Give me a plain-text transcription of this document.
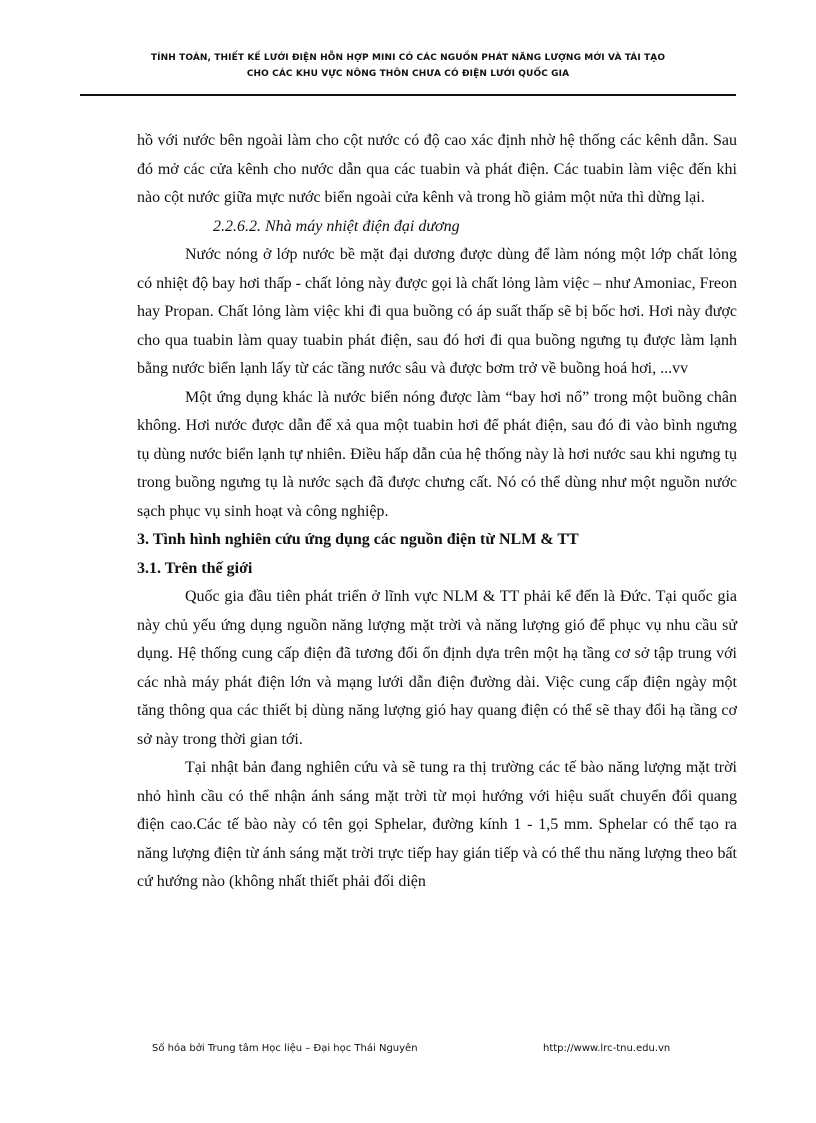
TÍNH TOÁN, THIẾT KẾ LƯỚI ĐIỆN HỖN HỢP MINI CÓ CÁC NGUỒN PHÁT NĂNG LƯỢNG MỚI VÀ TÁI TẠO
CHO CÁC KHU VỰC NÔNG THÔN CHƯA CÓ ĐIỆN LƯỚI QUỐC GIA

hồ với nước bên ngoài làm cho cột nước có độ cao xác định nhờ hệ thống các kênh dẫn. Sau đó mở các cửa kênh cho nước dẫn qua các tuabin và phát điện. Các tuabin làm việc đến khi nào cột nước giữa mực nước biển ngoài cửa kênh và trong hồ giảm một nửa thì dừng lại.

2.2.6.2. Nhà máy nhiệt điện đại dương

Nước nóng ở lớp nước bề mặt đại dương được dùng để làm nóng một lớp chất lỏng có nhiệt độ bay hơi thấp - chất lỏng này được gọi là chất lỏng làm việc – như Amoniac, Freon hay Propan. Chất lỏng làm việc khi đi qua buồng có áp suất thấp sẽ bị bốc hơi. Hơi này được cho qua tuabin làm quay tuabin phát điện, sau đó hơi đi qua buồng ngưng tụ được làm lạnh bằng nước biển lạnh lấy từ các tầng nước sâu và được bơm trở về buồng hoá hơi, ...vv

Một ứng dụng khác là nước biển nóng được làm “bay hơi nổ” trong một buồng chân không. Hơi nước được dẫn để xả qua một tuabin hơi để phát điện, sau đó đi vào bình ngưng tụ dùng nước biển lạnh tự nhiên. Điều hấp dẫn của hệ thống này là hơi nước sau khi ngưng tụ trong buồng ngưng tụ là nước sạch đã được chưng cất. Nó có thể dùng như một nguồn nước sạch phục vụ sinh hoạt và công nghiệp.

3. Tình hình nghiên cứu ứng dụng các nguồn điện từ NLM & TT

3.1. Trên thế giới

Quốc gia đầu tiên phát triển ở lĩnh vực NLM & TT phải kể đến là Đức. Tại quốc gia này chủ yếu ứng dụng nguồn năng lượng mặt trời và năng lượng gió để phục vụ nhu cầu sử dụng. Hệ thống cung cấp điện đã tương đối ổn định dựa trên một hạ tầng cơ sở tập trung với các nhà máy phát điện lớn và mạng lưới dẫn điện đường dài. Việc cung cấp điện ngày một tăng thông qua các thiết bị dùng năng lượng gió hay quang điện có thể sẽ thay đổi hạ tầng cơ sở này trong thời gian tới.

Tại nhật bản đang nghiên cứu và sẽ tung ra thị trường các tế bào năng lượng mặt trời nhỏ hình cầu có thể nhận ánh sáng mặt trời từ mọi hướng với hiệu suất chuyển đổi quang điện cao.Các tế bào này có tên gọi Sphelar, đường kính 1 - 1,5 mm. Sphelar có thể tạo ra năng lượng điện từ ánh sáng mặt trời trực tiếp hay gián tiếp và có thể thu năng lượng theo bất cứ hướng nào (không nhất thiết phải đối diện

Số hóa bởi Trung tâm Học liệu – Đại học Thái Nguyên	http://www.lrc-tnu.edu.vn
